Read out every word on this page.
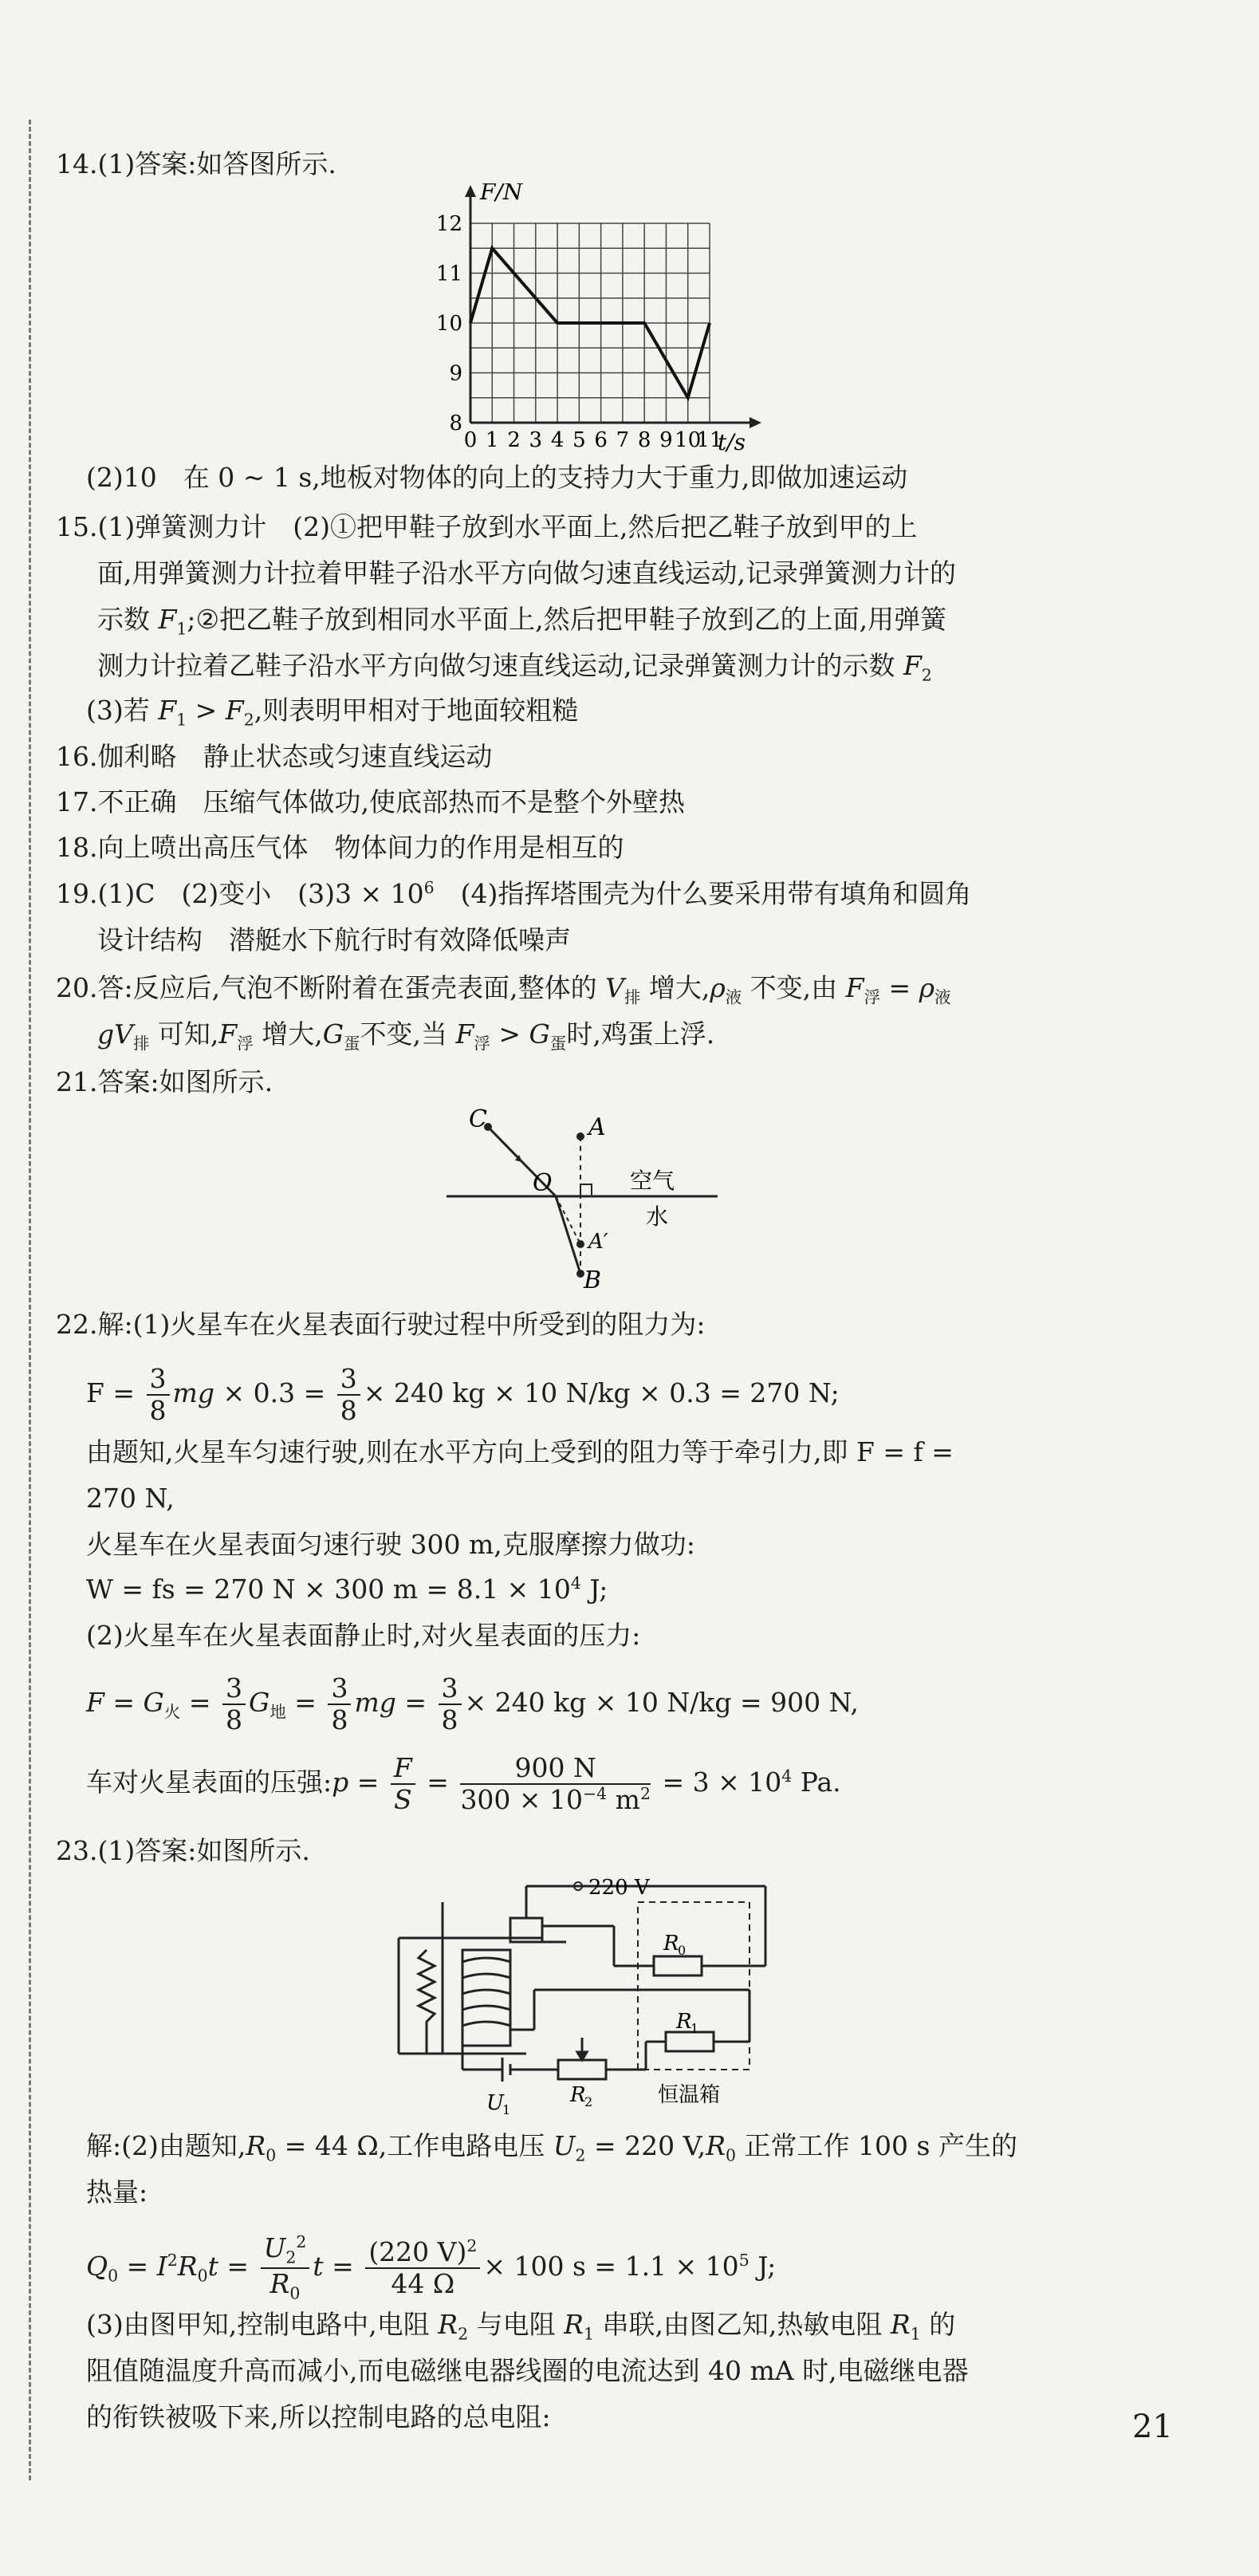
14.(1)答案:如答图所示.
0 1 2 3 4 5 6 7 8 9 10
11
8
9
10
11
12
F/N
t/s
(2)10　在 0 ~ 1 s,地板对物体的向上的支持力大于重力,即做加速运动
15.(1)弹簧测力计　(2)①把甲鞋子放到水平面上,然后把乙鞋子放到甲的上
面,用弹簧测力计拉着甲鞋子沿水平方向做匀速直线运动,记录弹簧测力计的
示数 $F_1;②$把乙鞋子放到相同水平面上,然后把甲鞋子放到乙的上面,用弹簧
测力计拉着乙鞋子沿水平方向做匀速直线运动,记录弹簧测力计的示数 $F_2$
(3)若 $F_1 > F_2$,则表明甲相对于地面较粗糙
16.伽利略　静止状态或匀速直线运动
17.不正确　压缩气体做功,使底部热而不是整个外壁热
18.向上喷出高压气体　物体间力的作用是相互的
19.(1)C　(2)变小　$(3)3 \times 10^6$　(4)指挥塔围壳为什么要采用带有填角和圆角
设计结构　潜艇水下航行时有效降低噪声
20.答:反应后,气泡不断附着在蛋壳表面,整体的 $V_排$ 增大$,\rho_液$ 不变,由 $F_浮 = \rho_液$
$gV_排$ 可知$,F_浮$ 增大$,G_蛋$不变,当 $F_浮 > G_蛋$时,鸡蛋上浮.
21.答案:如图所示.
C	A
O
A′
B
空气
水
22.解:(1)火星车在火星表面行驶过程中所受到的阻力为:
$F = \frac{3}{8}$ mg × $0.3 = \frac{3}{8} \times 240$ kg × 10 N/kg × 0.3 = 270 N;
由题知,火星车匀速行驶,则在水平方向上受到的阻力等于牵引力,即 F = f =
270 N,
火星车在火星表面匀速行驶 300 m,克服摩擦力做功:
W = fs = 270 N × 300 $m = 8.1 \times 10^4$ J;
(2)火星车在火星表面静止时,对火星表面的压力:
$F = G_火 = \frac{3}{8} G_地 = \frac{3}{8}$ mg = $\frac{3}{8} \times 240$ kg × 10 N/kg = 900 N,
车对火星表面的压强:p = $\frac{F}{S} = \frac{900 N}{300 \times 10^{-4} m^2} = 3 \times 10^4$ Pa.
23.(1)答案:如图所示.
220 V
R
0
R
1
R
2
U
1
恒温箱
解:(2)由题知$,R_0 = 44$ Ω,工作电路电压 $U_2 = 220$ $V,R_0$ 正常工作 100 s 产生的
热量:
$Q_0 = I^2R_0t = \frac{U_2^2}{R_0}$ $t = \frac{(220 V)^2}{44 \Omega} \times 100$ $s = 1.1 \times 10^5$ J;
(3)由图甲知,控制电路中,电阻 $R_2$ 与电阻 $R_1$ 串联,由图乙知,热敏电阻 $R_1$ 的
阻值随温度升高而减小,而电磁继电器线圈的电流达到 40 mA 时,电磁继电器
的衔铁被吸下来,所以控制电路的总电阻:	21
